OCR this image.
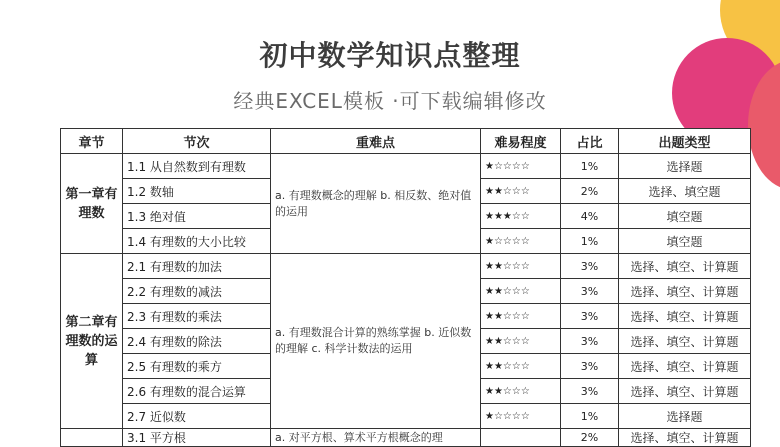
初中数学知识点整理
经典EXCEL模板 ·可下载编辑修改
章节	节次	重难点	难易程度	占比	出题类型
第一章有理数	1.1 从自然数到有理数	a. 有理数概念的理解 b. 相反数、绝对值的运用	★☆☆☆☆	1%	选择题
	1.2 数轴		★★☆☆☆	2%	选择、填空题
	1.3 绝对值		★★★☆☆	4%	填空题
	1.4 有理数的大小比较		★☆☆☆☆	1%	填空题
第二章有理数的运算	2.1 有理数的加法	a. 有理数混合计算的熟练掌握 b. 近似数的理解 c. 科学计数法的运用	★★☆☆☆	3%	选择、填空、计算题
	2.2 有理数的减法		★★☆☆☆	3%	选择、填空、计算题
	2.3 有理数的乘法		★★☆☆☆	3%	选择、填空、计算题
	2.4 有理数的除法		★★☆☆☆	3%	选择、填空、计算题
	2.5 有理数的乘方		★★☆☆☆	3%	选择、填空、计算题
	2.6 有理数的混合运算		★★☆☆☆	3%	选择、填空、计算题
	2.7 近似数		★☆☆☆☆	1%	选择题
	3.1 平方根	a. 对平方根、算术平方根概念的理		2%	选择、填空、计算题
